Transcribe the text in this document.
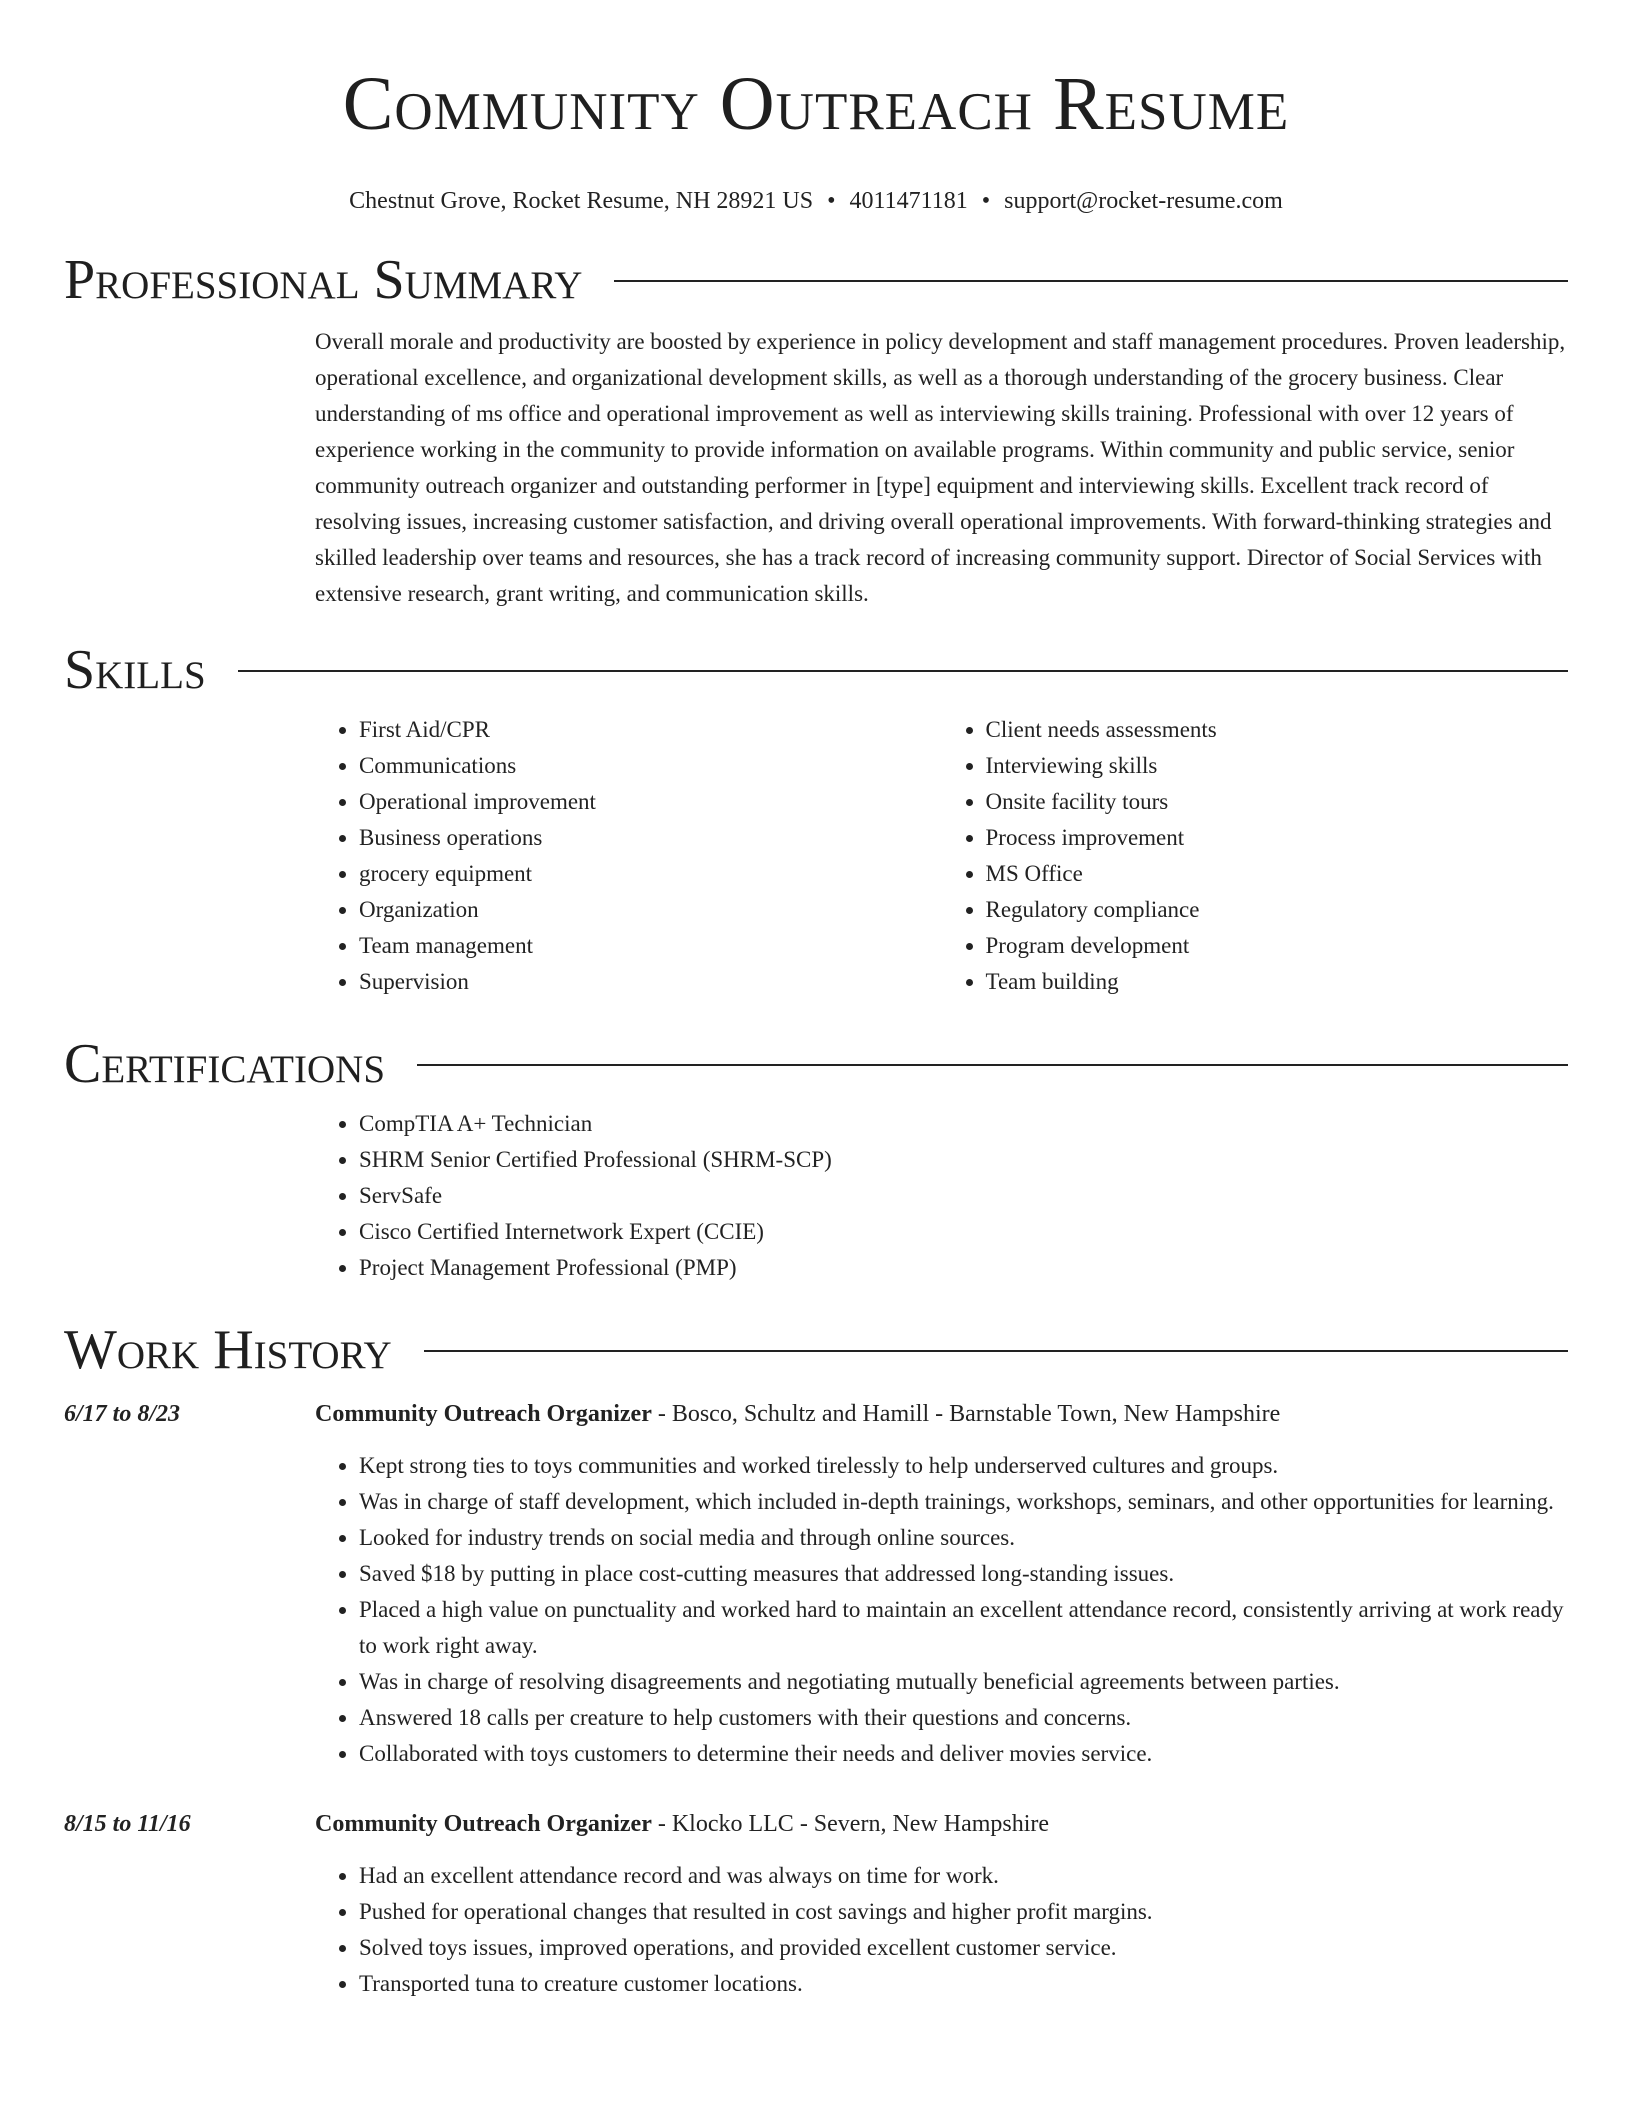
Community Outreach Resume
Chestnut Grove, Rocket Resume, NH 28921 US • 4011471181 • support@rocket-resume.com
Professional Summary

Overall morale and productivity are boosted by experience in policy development and staff management procedures. Proven leadership, operational excellence, and organizational development skills, as well as a thorough understanding of the grocery business. Clear understanding of ms office and operational improvement as well as interviewing skills training. Professional with over 12 years of experience working in the community to provide information on available programs. Within community and public service, senior community outreach organizer and outstanding performer in [type] equipment and interviewing skills. Excellent track record of resolving issues, increasing customer satisfaction, and driving overall operational improvements. With forward-thinking strategies and skilled leadership over teams and resources, she has a track record of increasing community support. Director of Social Services with extensive research, grant writing, and communication skills.

Skills
• First Aid/CPR
• Communications
• Operational improvement
• Business operations
• grocery equipment
• Organization
• Team management
• Supervision
• Client needs assessments
• Interviewing skills
• Onsite facility tours
• Process improvement
• MS Office
• Regulatory compliance
• Program development
• Team building
Certifications
• CompTIA A+ Technician
• SHRM Senior Certified Professional (SHRM-SCP)
• ServSafe
• Cisco Certified Internetwork Expert (CCIE)
• Project Management Professional (PMP)
Work History
6/17 to 8/23	Community Outreach Organizer - Bosco, Schultz and Hamill - Barnstable Town, New Hampshire
• Kept strong ties to toys communities and worked tirelessly to help underserved cultures and groups.
• Was in charge of staff development, which included in-depth trainings, workshops, seminars, and other opportunities for learning.
• Looked for industry trends on social media and through online sources.
• Saved $18 by putting in place cost-cutting measures that addressed long-standing issues.
• Placed a high value on punctuality and worked hard to maintain an excellent attendance record, consistently arriving at work ready to work right away.
• Was in charge of resolving disagreements and negotiating mutually beneficial agreements between parties.
• Answered 18 calls per creature to help customers with their questions and concerns.
• Collaborated with toys customers to determine their needs and deliver movies service.
8/15 to 11/16	Community Outreach Organizer - Klocko LLC - Severn, New Hampshire
• Had an excellent attendance record and was always on time for work.
• Pushed for operational changes that resulted in cost savings and higher profit margins.
• Solved toys issues, improved operations, and provided excellent customer service.
• Transported tuna to creature customer locations.
